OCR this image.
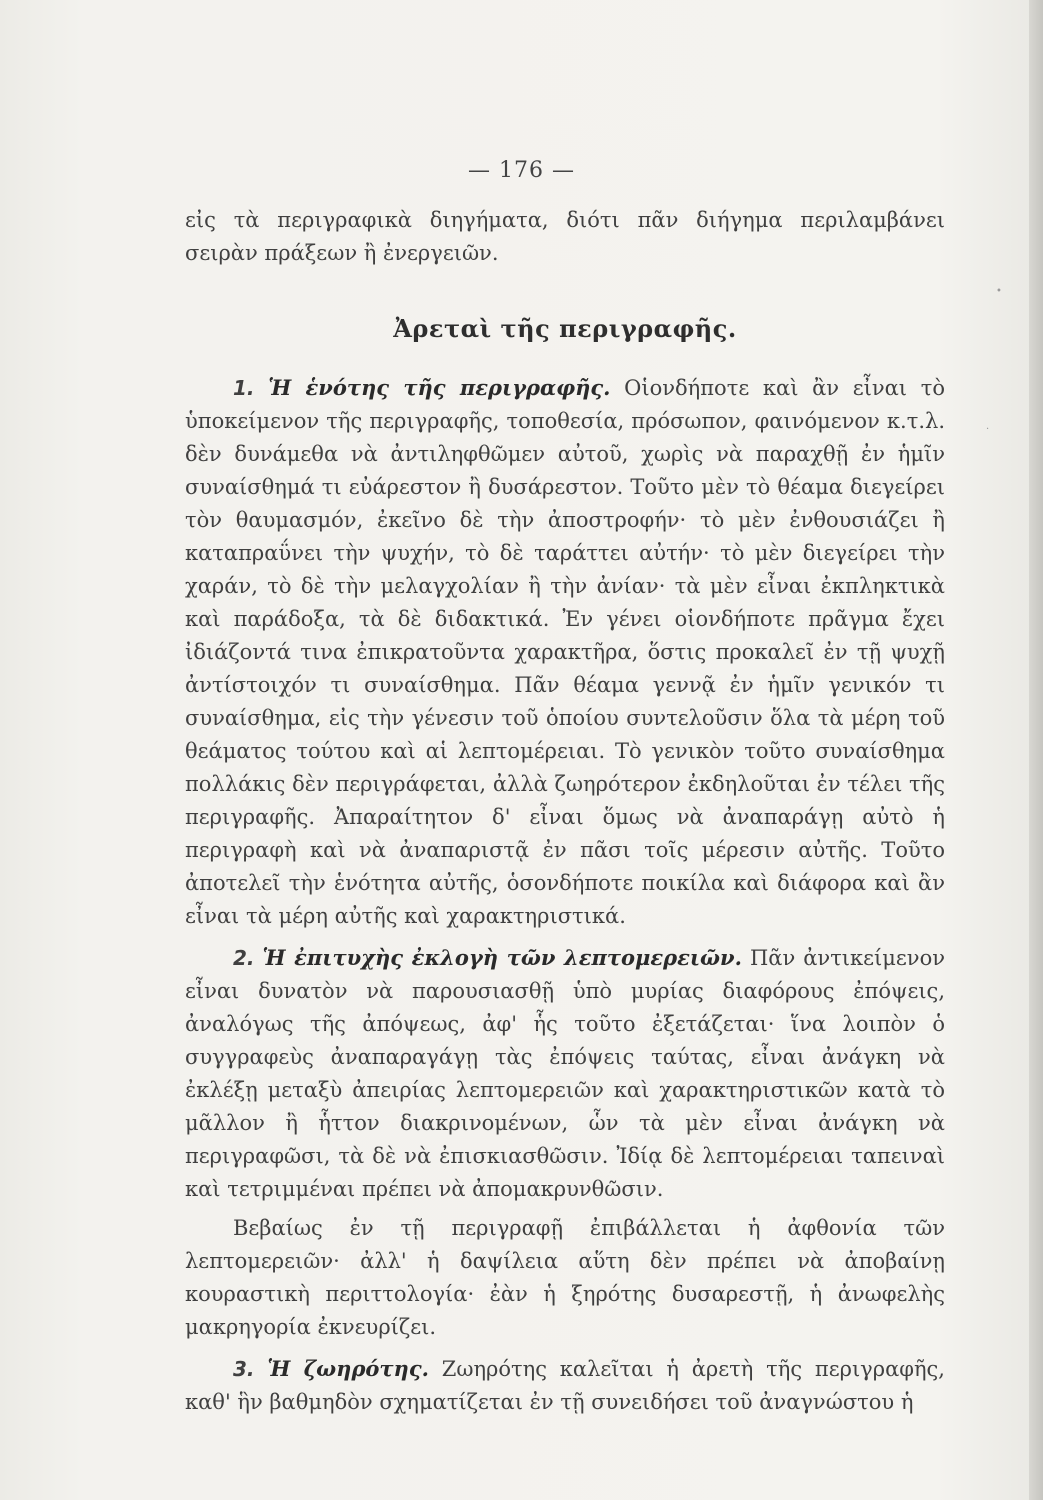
•
·
— 176 —

εἰς τὰ περιγραφικὰ διηγήματα, διότι πᾶν διήγημα περιλαμβάνει σειρὰν πράξεων ἢ ἐνεργειῶν.

Ἀρεταὶ τῆς περιγραφῆς.

1. Ἡ ἑνότης τῆς περιγραφῆς. Οἱονδήποτε καὶ ἂν εἶναι τὸ ὑποκείμενον τῆς περιγραφῆς, τοποθεσία, πρόσωπον, φαινόμενον κ.τ.λ. δὲν δυνάμεθα νὰ ἀντιληφθῶμεν αὐτοῦ, χωρὶς νὰ παραχθῇ ἐν ἡμῖν συναίσθημά τι εὐάρεστον ἢ δυσάρεστον. Τοῦτο μὲν τὸ θέαμα διεγείρει τὸν θαυμασμόν, ἐκεῖνο δὲ τὴν ἀποστροφήν· τὸ μὲν ἐνθουσιάζει ἢ καταπραΰνει τὴν ψυχήν, τὸ δὲ ταράττει αὐτήν· τὸ μὲν διεγείρει τὴν χαράν, τὸ δὲ τὴν μελαγχολίαν ἢ τὴν ἀνίαν· τὰ μὲν εἶναι ἐκπληκτικὰ καὶ παράδοξα, τὰ δὲ διδακτικά. Ἐν γένει οἱονδήποτε πρᾶγμα ἔχει ἰδιάζοντά τινα ἐπικρατοῦντα χαρακτῆρα, ὅστις προκαλεῖ ἐν τῇ ψυχῇ ἀντίστοιχόν τι συναίσθημα. Πᾶν θέαμα γεννᾷ ἐν ἡμῖν γενικόν τι συναίσθημα, εἰς τὴν γένεσιν τοῦ ὁποίου συντελοῦσιν ὅλα τὰ μέρη τοῦ θεάματος τούτου καὶ αἱ λεπτομέρειαι. Τὸ γενικὸν τοῦτο συναίσθημα πολλάκις δὲν περιγράφεται, ἀλλὰ ζωηρότερον ἐκδηλοῦται ἐν τέλει τῆς περιγραφῆς. Ἀπαραίτητον δ' εἶναι ὅμως νὰ ἀναπαράγῃ αὐτὸ ἡ περιγραφὴ καὶ νὰ ἀναπαριστᾷ ἐν πᾶσι τοῖς μέρεσιν αὐτῆς. Τοῦτο ἀποτελεῖ τὴν ἑνότητα αὐτῆς, ὁσονδήποτε ποικίλα καὶ διάφορα καὶ ἂν εἶναι τὰ μέρη αὐτῆς καὶ χαρακτηριστικά.

2. Ἡ ἐπιτυχὴς ἐκλογὴ τῶν λεπτομερειῶν. Πᾶν ἀντικείμενον εἶναι δυνατὸν νὰ παρουσιασθῇ ὑπὸ μυρίας διαφόρους ἐπόψεις, ἀναλόγως τῆς ἀπόψεως, ἀφ' ἧς τοῦτο ἐξετάζεται· ἵνα λοιπὸν ὁ συγγραφεὺς ἀναπαραγάγῃ τὰς ἐπόψεις ταύτας, εἶναι ἀνάγκη νὰ ἐκλέξῃ μεταξὺ ἀπειρίας λεπτομερειῶν καὶ χαρακτηριστικῶν κατὰ τὸ μᾶλλον ἢ ἧττον διακρινομένων, ὧν τὰ μὲν εἶναι ἀνάγκη νὰ περιγραφῶσι, τὰ δὲ νὰ ἐπισκιασθῶσιν. Ἰδίᾳ δὲ λεπτομέρειαι ταπειναὶ καὶ τετριμμέναι πρέπει νὰ ἀπομακρυνθῶσιν.

Βεβαίως ἐν τῇ περιγραφῇ ἐπιβάλλεται ἡ ἀφθονία τῶν λεπτομερειῶν· ἀλλ' ἡ δαψίλεια αὕτη δὲν πρέπει νὰ ἀποβαίνῃ κουραστικὴ περιττολογία· ἐὰν ἡ ξηρότης δυσαρεστῇ, ἡ ἀνωφελὴς μακρηγορία ἐκνευρίζει.

3. Ἡ ζωηρότης. Ζωηρότης καλεῖται ἡ ἀρετὴ τῆς περιγραφῆς, καθ' ἣν βαθμηδὸν σχηματίζεται ἐν τῇ συνειδήσει τοῦ ἀναγνώστου ἡ
